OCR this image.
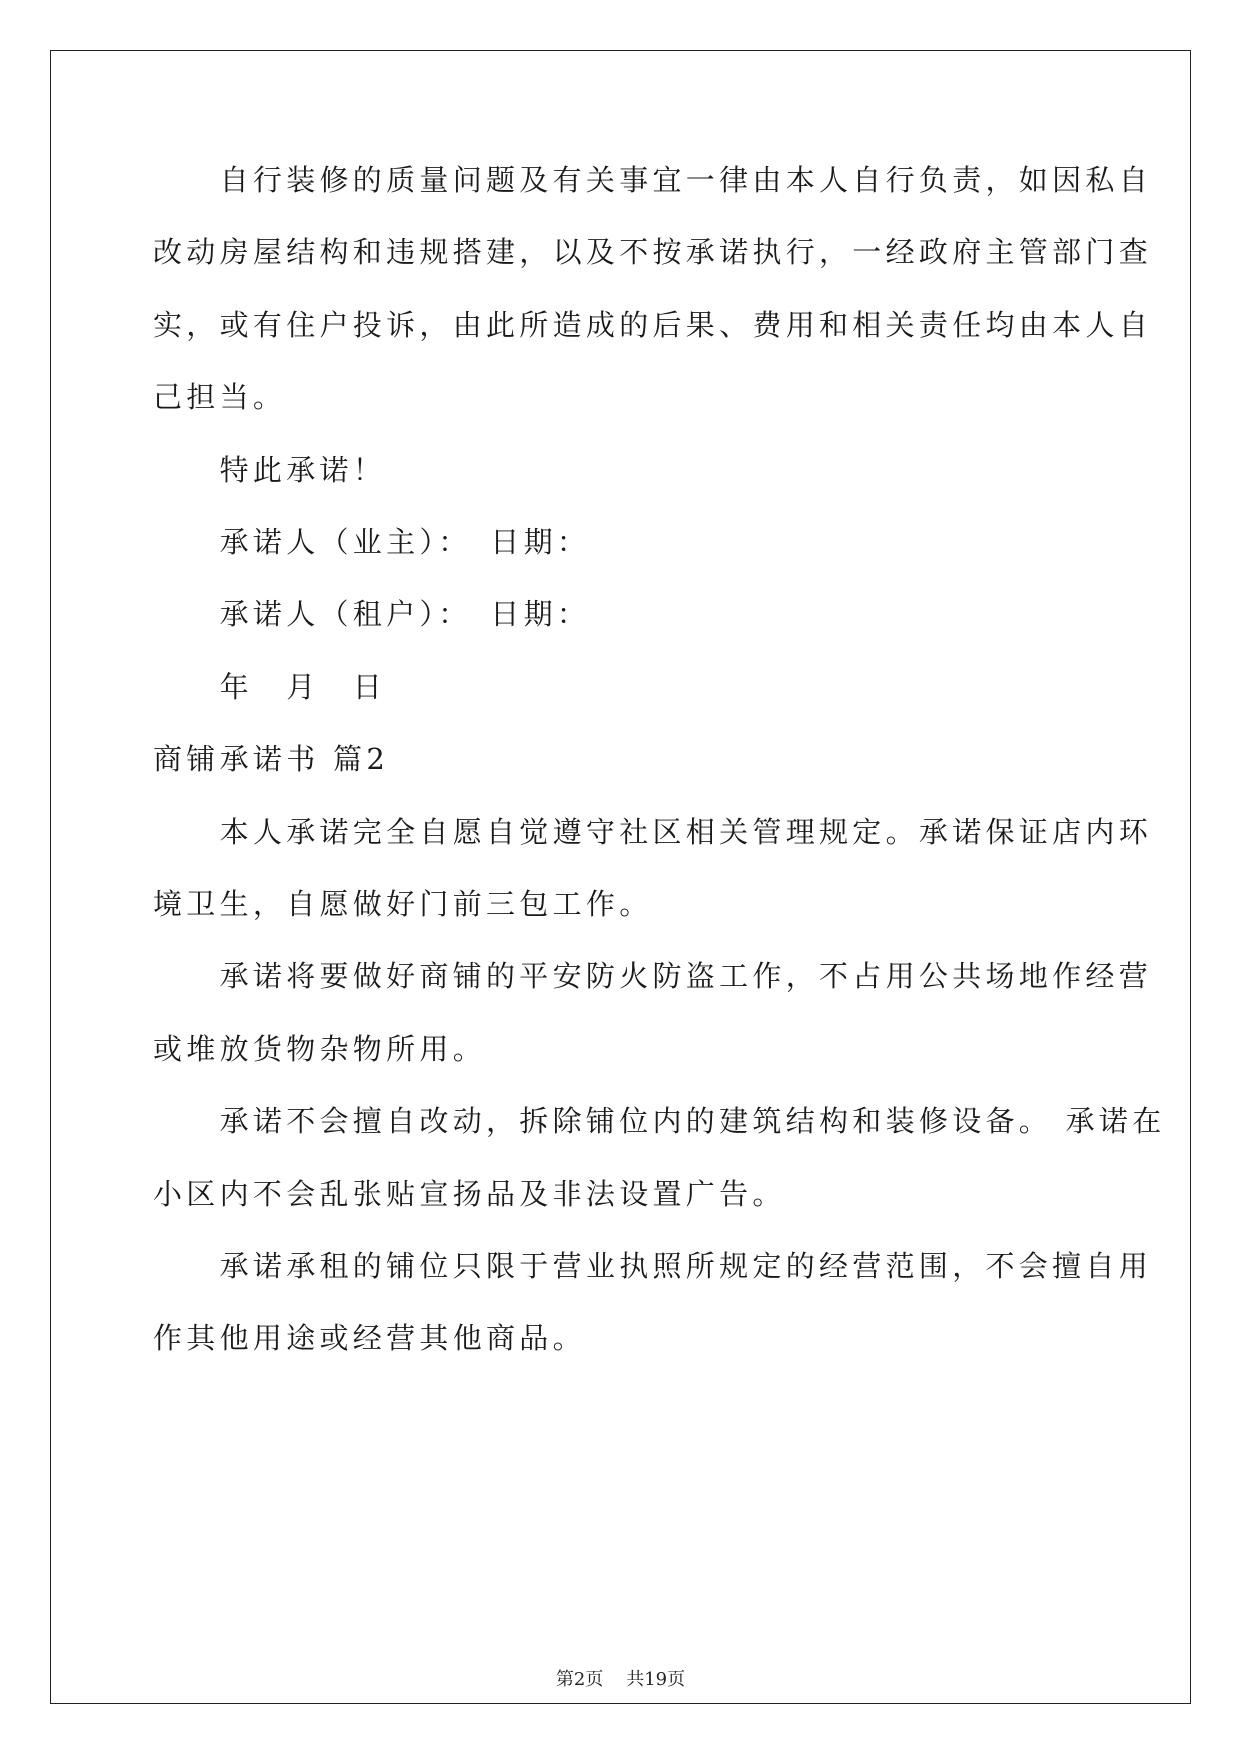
　　自行装修的质量问题及有关事宜一律由本人自行负责，如因私自
改动房屋结构和违规搭建，以及不按承诺执行，一经政府主管部门查
实，或有住户投诉，由此所造成的后果、费用和相关责任均由本人自
己担当。
　　特此承诺！
　　承诺人（业主）：　日期：
　　承诺人（租户）：　日期：
　　年　月　日
商铺承诺书 篇2
　　本人承诺完全自愿自觉遵守社区相关管理规定。承诺保证店内环
境卫生，自愿做好门前三包工作。
　　承诺将要做好商铺的平安防火防盗工作，不占用公共场地作经营
或堆放货物杂物所用。
　　承诺不会擅自改动，拆除铺位内的建筑结构和装修设备。 承诺在
小区内不会乱张贴宣扬品及非法设置广告。
　　承诺承租的铺位只限于营业执照所规定的经营范围，不会擅自用
作其他用途或经营其他商品。
第2页 共19页
